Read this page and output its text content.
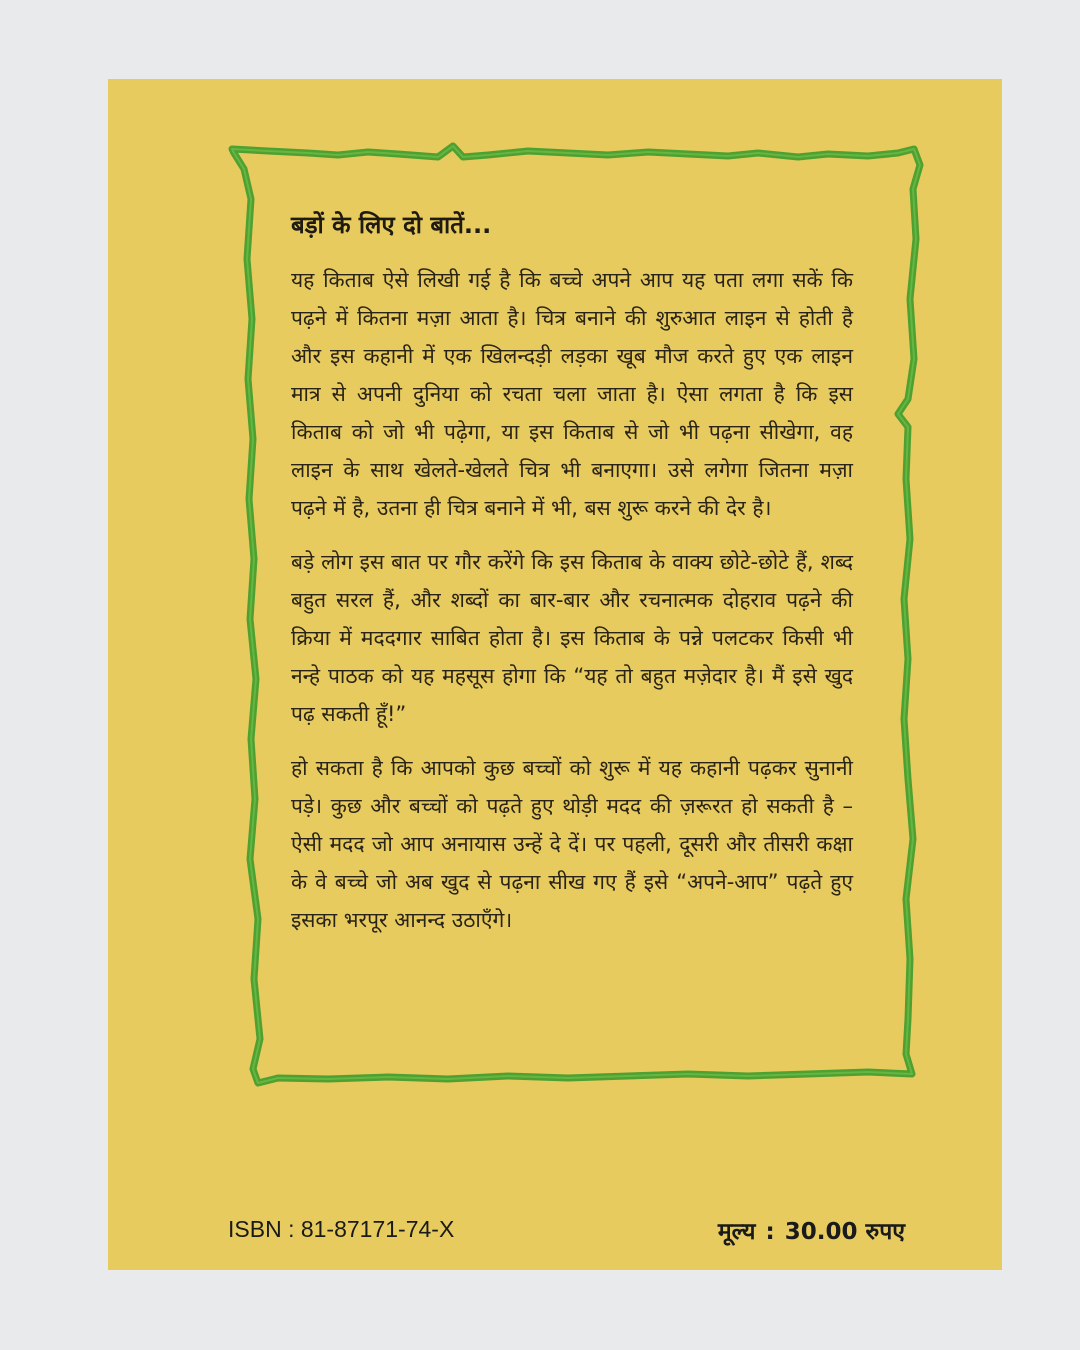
बड़ों के लिए दो बातें...

यह किताब ऐसे लिखी गई है कि बच्चे अपने आप यह पता लगा सकें कि पढ़ने में कितना मज़ा आता है। चित्र बनाने की शुरुआत लाइन से होती है और इस कहानी में एक खिलन्दड़ी लड़का खूब मौज करते हुए एक लाइन मात्र से अपनी दुनिया को रचता चला जाता है। ऐसा लगता है कि इस किताब को जो भी पढ़ेगा, या इस किताब से जो भी पढ़ना सीखेगा, वह लाइन के साथ खेलते-खेलते चित्र भी बनाएगा। उसे लगेगा जितना मज़ा पढ़ने में है, उतना ही चित्र बनाने में भी, बस शुरू करने की देर है।

बड़े लोग इस बात पर गौर करेंगे कि इस किताब के वाक्य छोटे-छोटे हैं, शब्द बहुत सरल हैं, और शब्दों का बार-बार और रचनात्मक दोहराव पढ़ने की क्रिया में मददगार साबित होता है। इस किताब के पन्ने पलटकर किसी भी नन्हे पाठक को यह महसूस होगा कि “यह तो बहुत मज़ेदार है। मैं इसे खुद पढ़ सकती हूँ!”

हो सकता है कि आपको कुछ बच्चों को शुरू में यह कहानी पढ़कर सुनानी पड़े। कुछ और बच्चों को पढ़ते हुए थोड़ी मदद की ज़रूरत हो सकती है – ऐसी मदद जो आप अनायास उन्हें दे दें। पर पहली, दूसरी और तीसरी कक्षा के वे बच्चे जो अब खुद से पढ़ना सीख गए हैं इसे “अपने-आप” पढ़ते हुए इसका भरपूर आनन्द उठाएँगे।

ISBN : 81-87171-74-X	मूल्य : 30.00 रुपए
